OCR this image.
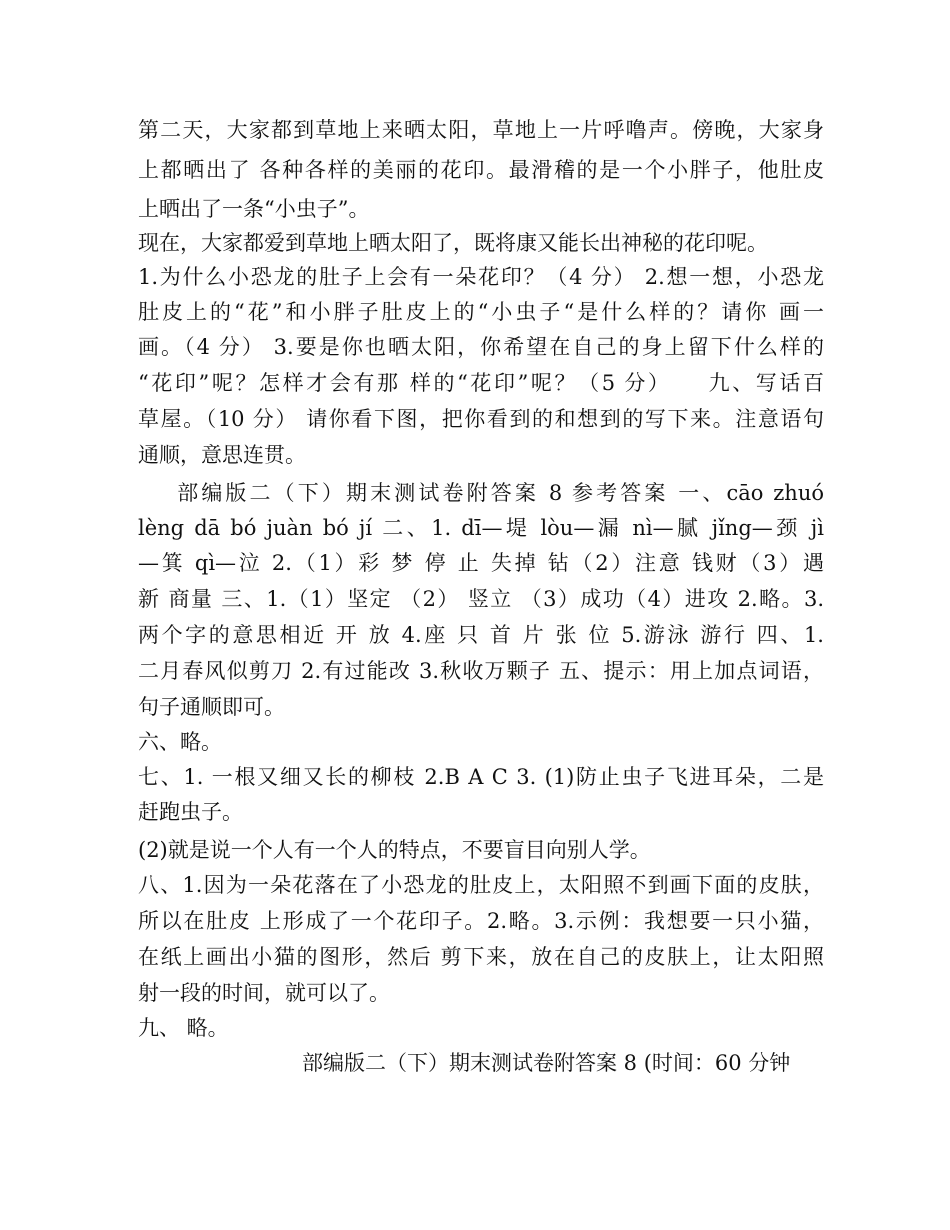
第二天，大家都到草地上来晒太阳，草地上一片呼噜声。傍晚，大家身
上都晒出了 各种各样的美丽的花印。最滑稽的是一个小胖子，他肚皮
上晒出了一条“小虫子”。
现在，大家都爱到草地上晒太阳了，既将康又能长出神秘的花印呢。
1.为什么小恐龙的肚子上会有一朵花印？（4 分） 2.想一想，小恐龙
肚皮上的“花”和小胖子肚皮上的“小虫子“是什么样的？请你 画一
画。（4 分） 3.要是你也晒太阳，你希望在自己的身上留下什么样的
“花印”呢？怎样才会有那 样的“花印”呢？（5 分）    九、写话百
草屋。（10 分） 请你看下图，把你看到的和想到的写下来。注意语句
通顺，意思连贯。
部编版二（下）期末测试卷附答案 8 参考答案 一、cāo zhuó
lèng dā bó juàn bó jí 二、1. dī—堤 lòu—漏 nì—腻 jǐng—颈 jì
—箕 qì—泣 2.（1）彩 梦 停 止 失掉 钻（2）注意 钱财（3）遇
新 商量 三、1.（1）坚定 （2） 竖立 （3）成功（4）进攻 2.略。3.
两个字的意思相近 开 放 4.座 只 首 片 张 位 5.游泳 游行 四、1.
二月春风似剪刀 2.有过能改 3.秋收万颗子 五、提示：用上加点词语，
句子通顺即可。
六、略。
七、1. 一根又细又长的柳枝 2.B A C 3. (1)防止虫子飞进耳朵，二是
赶跑虫子。
(2)就是说一个人有一个人的特点，不要盲目向别人学。
八、1.因为一朵花落在了小恐龙的肚皮上，太阳照不到画下面的皮肤，
所以在肚皮 上形成了一个花印子。2.略。3.示例：我想要一只小猫，
在纸上画出小猫的图形，然后 剪下来，放在自己的皮肤上，让太阳照
射一段的时间，就可以了。
九、 略。
部编版二（下）期末测试卷附答案 8 (时间：60 分钟
